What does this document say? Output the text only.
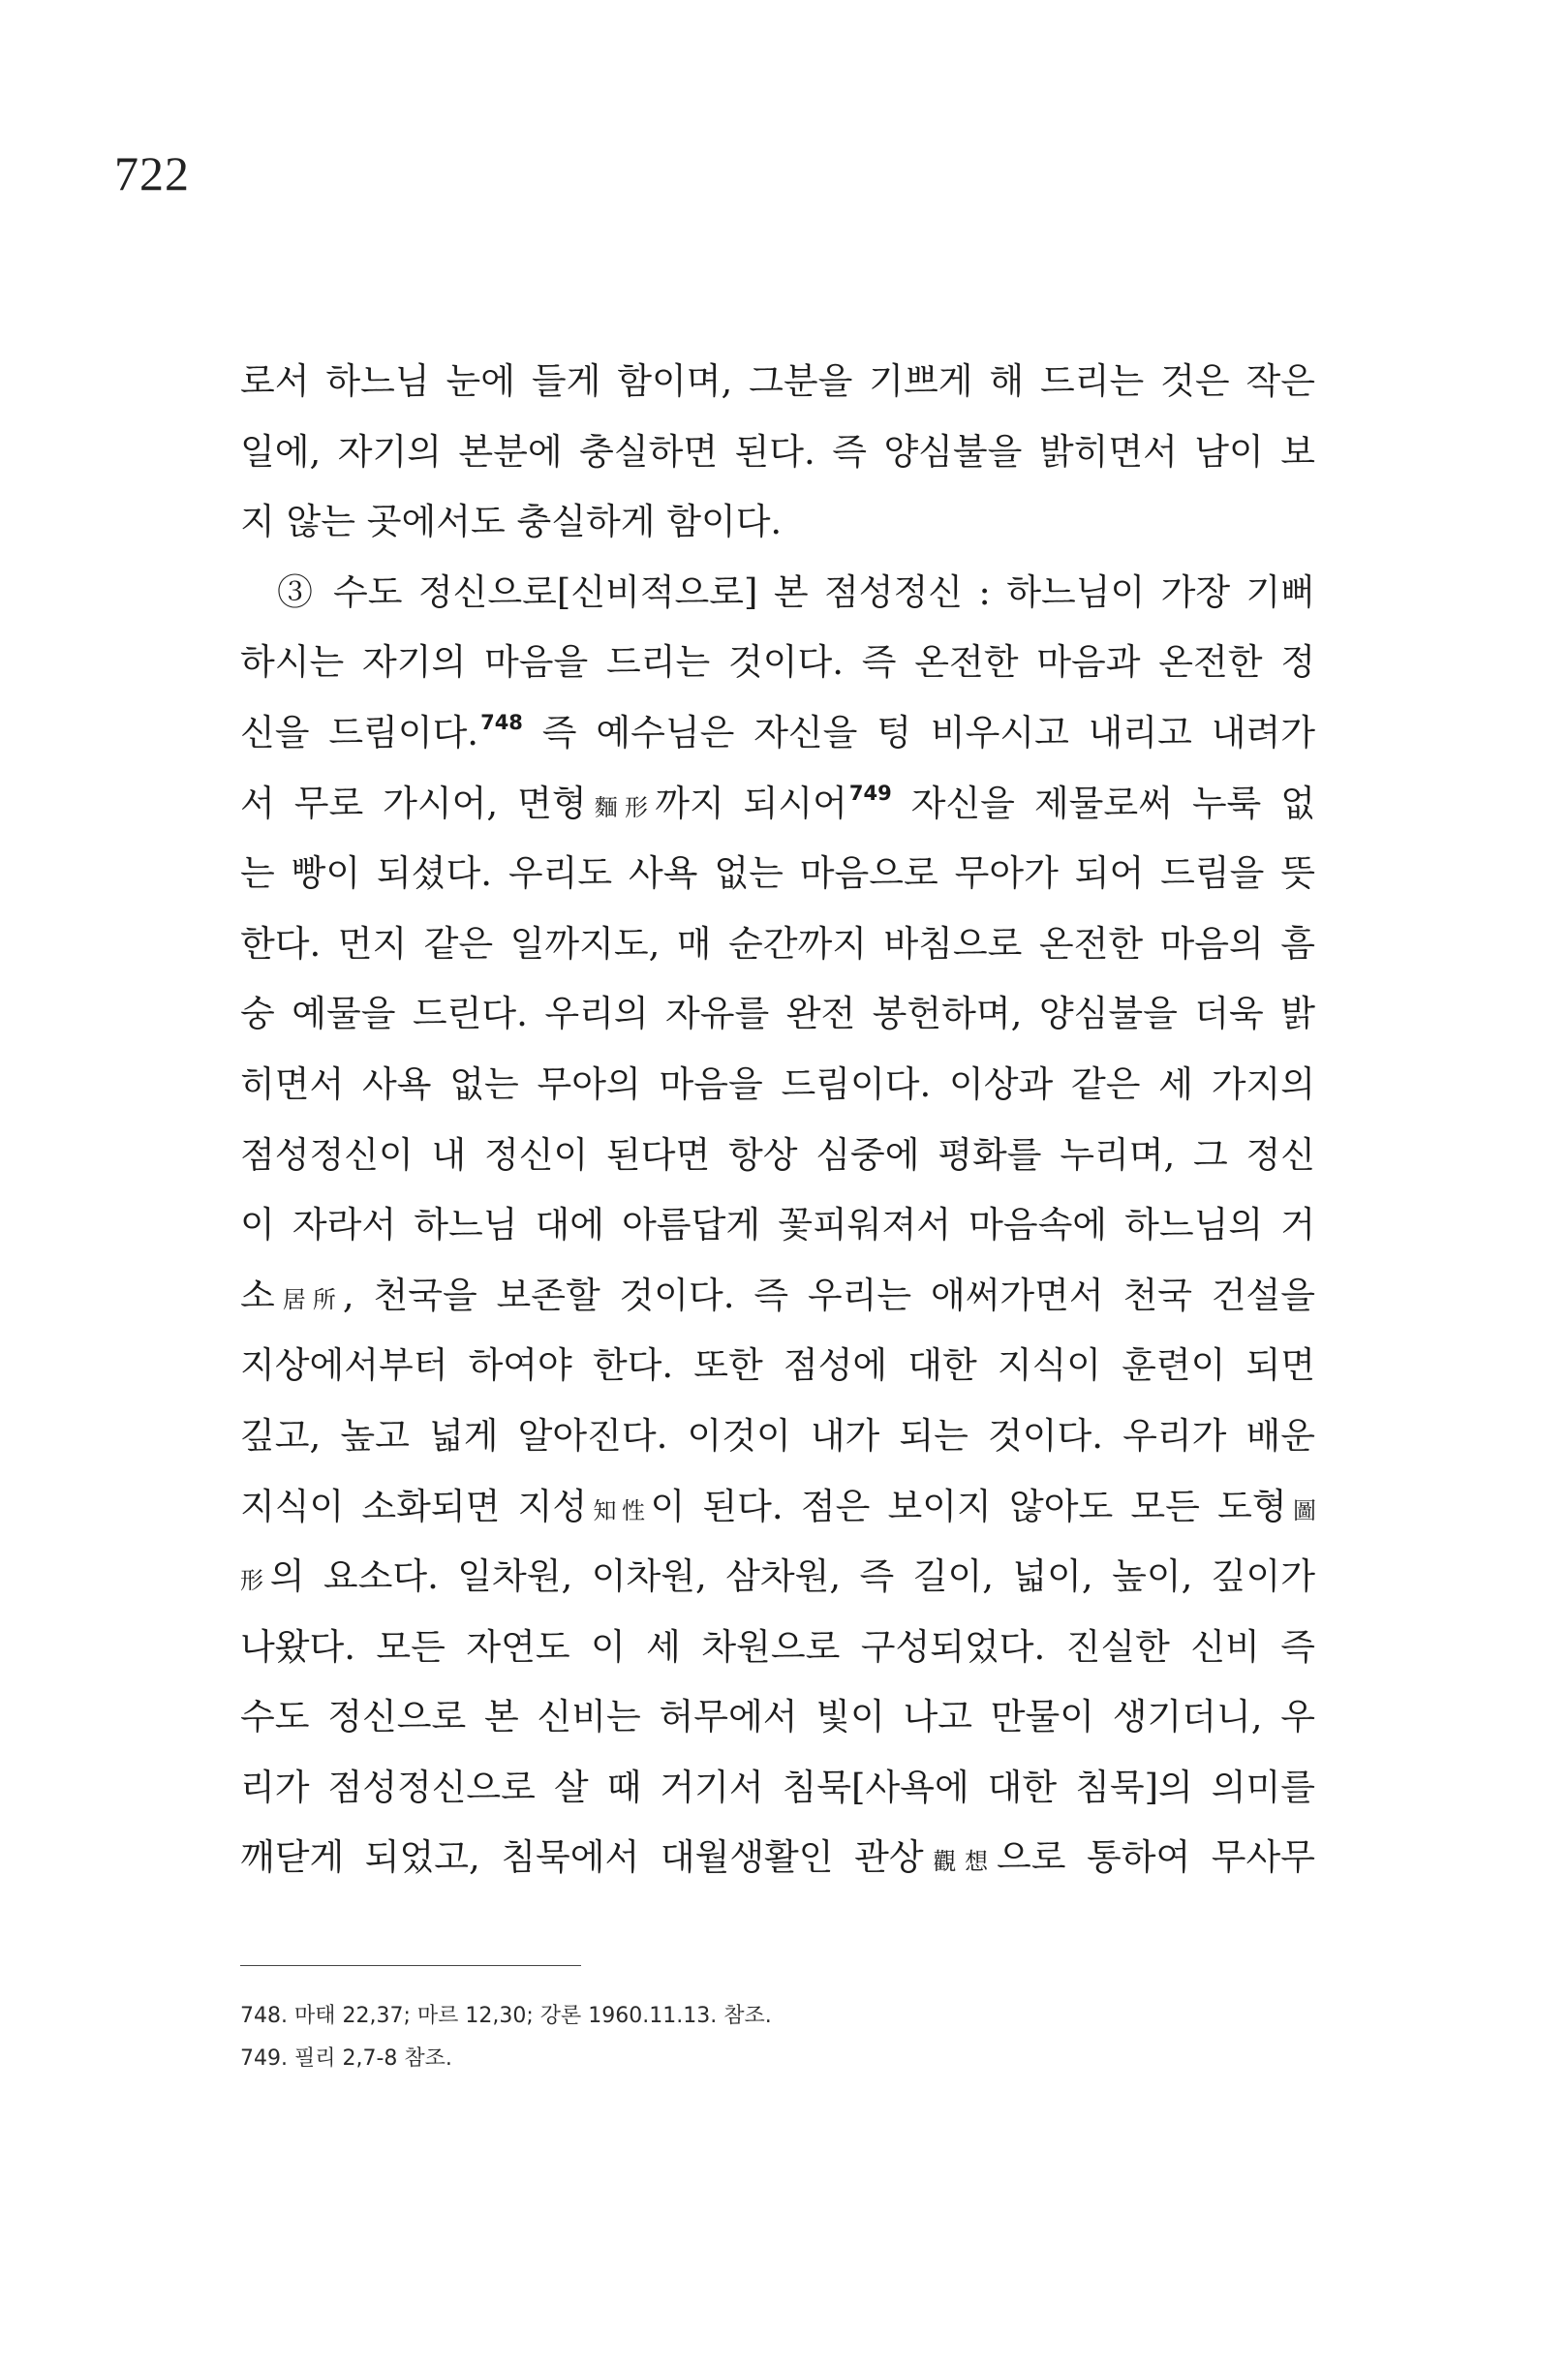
722
로서 하느님 눈에 들게 함이며, 그분을 기쁘게 해 드리는 것은 작은
일에, 자기의 본분에 충실하면 된다. 즉 양심불을 밝히면서 남이 보
지 않는 곳에서도 충실하게 함이다.
③ 수도 정신으로[신비적으로] 본 점성정신 : 하느님이 가장 기뻐
하시는 자기의 마음을 드리는 것이다. 즉 온전한 마음과 온전한 정
신을 드림이다.$^{748}$ 즉 예수님은 자신을 텅 비우시고 내리고 내려가
서 무로 가시어, 면형麵形까지 되시어$^{749}$ 자신을 제물로써 누룩 없
는 빵이 되셨다. 우리도 사욕 없는 마음으로 무아가 되어 드림을 뜻
한다. 먼지 같은 일까지도, 매 순간까지 바침으로 온전한 마음의 흠
숭 예물을 드린다. 우리의 자유를 완전 봉헌하며, 양심불을 더욱 밝
히면서 사욕 없는 무아의 마음을 드림이다. 이상과 같은 세 가지의
점성정신이 내 정신이 된다면 항상 심중에 평화를 누리며, 그 정신
이 자라서 하느님 대에 아름답게 꽃피워져서 마음속에 하느님의 거
소居所, 천국을 보존할 것이다. 즉 우리는 애써가면서 천국 건설을
지상에서부터 하여야 한다. 또한 점성에 대한 지식이 훈련이 되면
깊고, 높고 넓게 알아진다. 이것이 내가 되는 것이다. 우리가 배운
지식이 소화되면 지성知性이 된다. 점은 보이지 않아도 모든 도형圖
形의 요소다. 일차원, 이차원, 삼차원, 즉 길이, 넓이, 높이, 깊이가
나왔다. 모든 자연도 이 세 차원으로 구성되었다. 진실한 신비 즉
수도 정신으로 본 신비는 허무에서 빛이 나고 만물이 생기더니, 우
리가 점성정신으로 살 때 거기서 침묵[사욕에 대한 침묵]의 의미를
깨닫게 되었고, 침묵에서 대월생활인 관상觀想으로 통하여 무사무
748. 마태 22,37; 마르 12,30; 강론 1960.11.13. 참조.
749. 필리 2,7-8 참조.
